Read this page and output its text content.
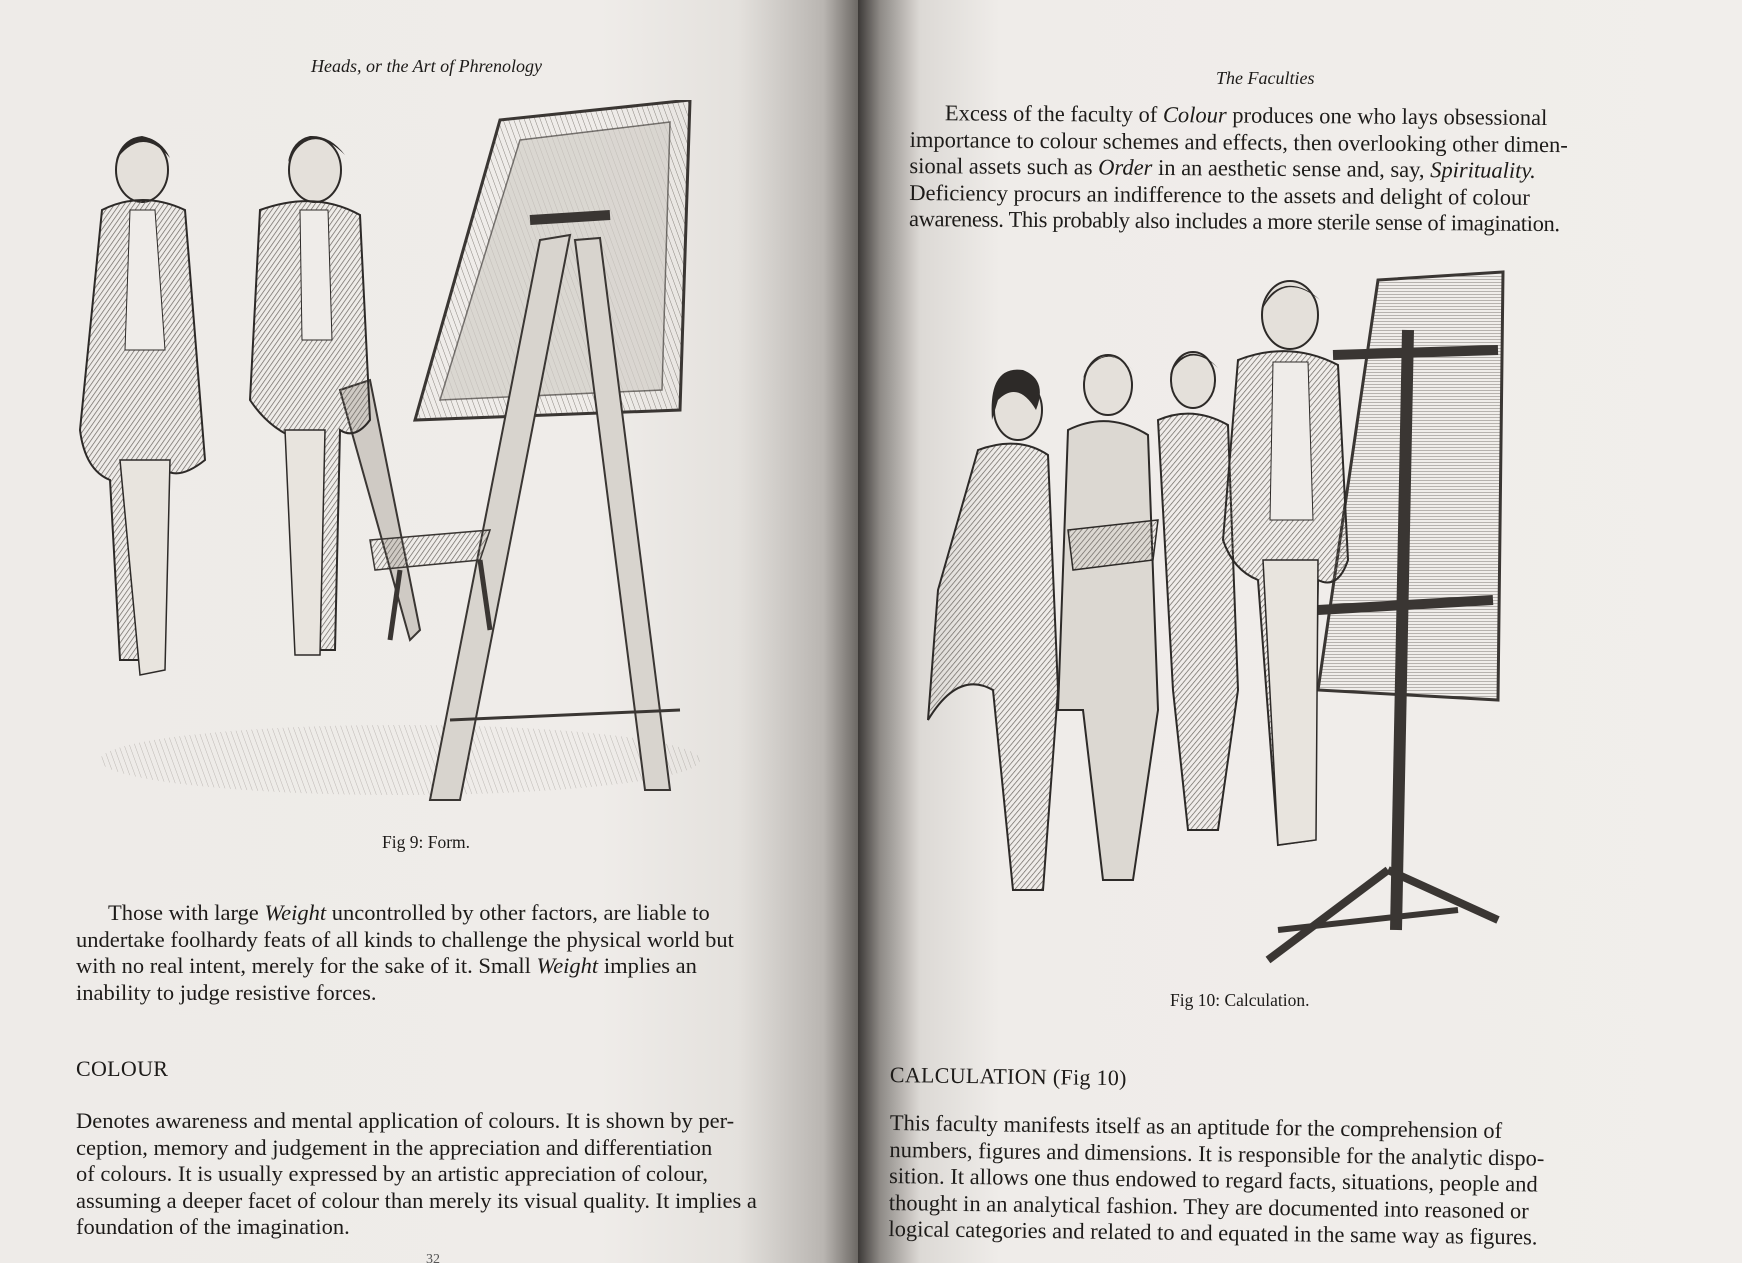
Heads, or the Art of Phrenology
Fig 9: Form.
Those with large Weight uncontrolled by other factors, are liable to
undertake foolhardy feats of all kinds to challenge the physical world but
with no real intent, merely for the sake of it. Small Weight implies an
inability to judge resistive forces.
COLOUR
Denotes awareness and mental application of colours. It is shown by per-
ception, memory and judgement in the appreciation and differentiation
of colours. It is usually expressed by an artistic appreciation of colour,
assuming a deeper facet of colour than merely its visual quality. It implies a
foundation of the imagination.
32
The Faculties
Excess of the faculty of Colour produces one who lays obsessional
importance to colour schemes and effects, then overlooking other dimen-
sional assets such as Order in an aesthetic sense and, say, Spirituality.
Deficiency procurs an indifference to the assets and delight of colour
awareness. This probably also includes a more sterile sense of imagination.
Fig 10: Calculation.
CALCULATION (Fig 10)
This faculty manifests itself as an aptitude for the comprehension of
numbers, figures and dimensions. It is responsible for the analytic dispo-
sition. It allows one thus endowed to regard facts, situations, people and
thought in an analytical fashion. They are documented into reasoned or
logical categories and related to and equated in the same way as figures.
